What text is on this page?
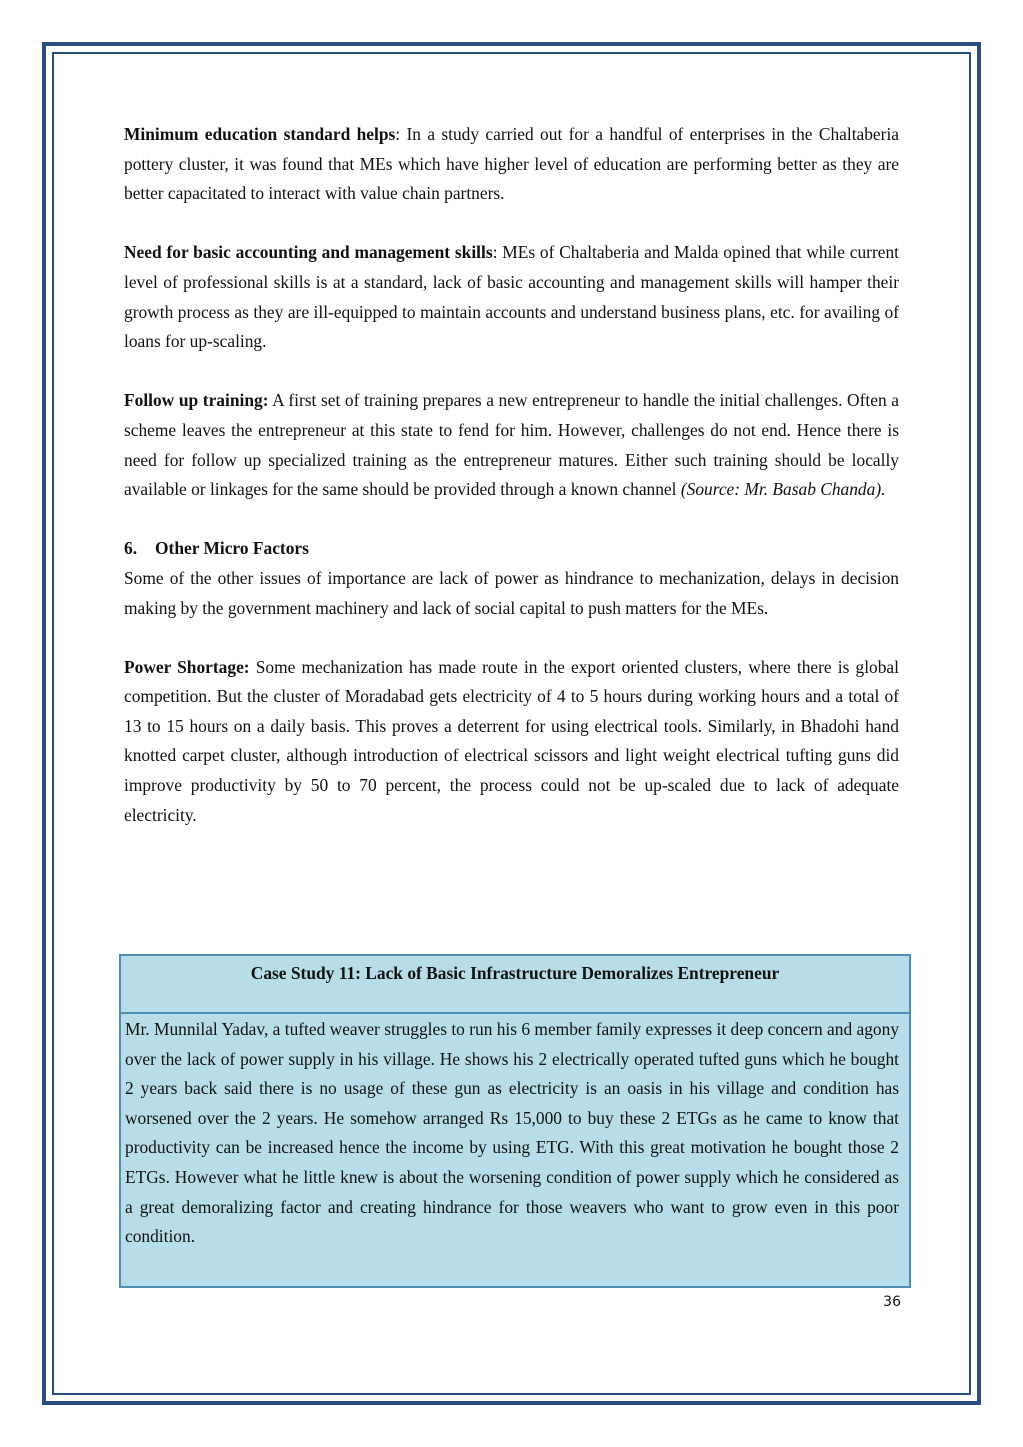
Minimum education standard helps: In a study carried out for a handful of enterprises in the Chaltaberia pottery cluster, it was found that MEs which have higher level of education are performing better as they are better capacitated to interact with value chain partners.

Need for basic accounting and management skills: MEs of Chaltaberia and Malda opined that while current level of professional skills is at a standard, lack of basic accounting and management skills will hamper their growth process as they are ill-equipped to maintain accounts and understand business plans, etc. for availing of loans for up-scaling.

Follow up training: A first set of training prepares a new entrepreneur to handle the initial challenges. Often a scheme leaves the entrepreneur at this state to fend for him. However, challenges do not end. Hence there is need for follow up specialized training as the entrepreneur matures. Either such training should be locally available or linkages for the same should be provided through a known channel (Source: Mr. Basab Chanda).

6. Other Micro Factors

Some of the other issues of importance are lack of power as hindrance to mechanization, delays in decision making by the government machinery and lack of social capital to push matters for the MEs.

Power Shortage: Some mechanization has made route in the export oriented clusters, where there is global competition. But the cluster of Moradabad gets electricity of 4 to 5 hours during working hours and a total of 13 to 15 hours on a daily basis. This proves a deterrent for using electrical tools. Similarly, in Bhadohi hand knotted carpet cluster, although introduction of electrical scissors and light weight electrical tufting guns did improve productivity by 50 to 70 percent, the process could not be up-scaled due to lack of adequate electricity.

Case Study 11: Lack of Basic Infrastructure Demoralizes Entrepreneur

Mr. Munnilal Yadav, a tufted weaver struggles to run his 6 member family expresses it deep concern and agony over the lack of power supply in his village. He shows his 2 electrically operated tufted guns which he bought 2 years back said there is no usage of these gun as electricity is an oasis in his village and condition has worsened over the 2 years. He somehow arranged Rs 15,000 to buy these 2 ETGs as he came to know that productivity can be increased hence the income by using ETG. With this great motivation he bought those 2 ETGs. However what he little knew is about the worsening condition of power supply which he considered as a great demoralizing factor and creating hindrance for those weavers who want to grow even in this poor condition.

36
